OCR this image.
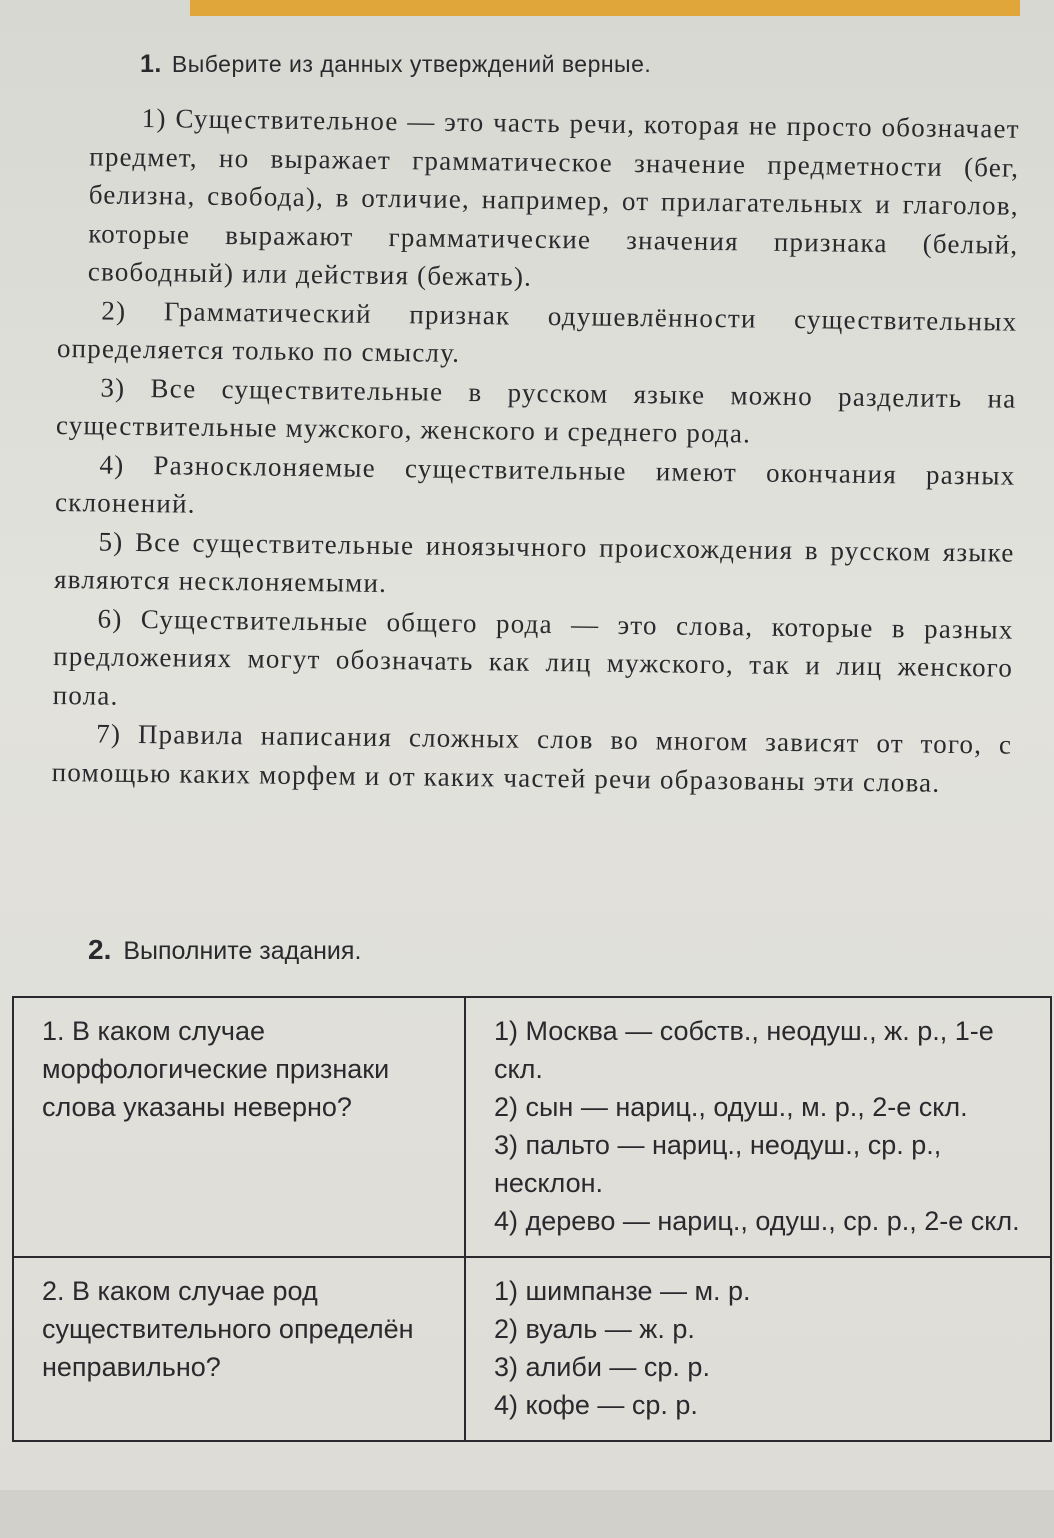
1. Выберите из данных утверждений верные.

1) Существительное — это часть речи, которая не просто обозначает предмет, но выражает грамматическое значение предметности (бег, белизна, свобода), в отличие, например, от прилагательных и глаголов, которые выражают грамматические значения признака (белый, свободный) или действия (бежать).

2) Грамматический признак одушевлённости существительных определяется только по смыслу.

3) Все существительные в русском языке можно разделить на существительные мужского, женского и среднего рода.

4) Разносклоняемые существительные имеют окончания разных склонений.

5) Все существительные иноязычного происхождения в русском языке являются несклоняемыми.

6) Существительные общего рода — это слова, которые в разных предложениях могут обозначать как лиц мужского, так и лиц женского пола.

7) Правила написания сложных слов во многом зависят от того, с помощью каких морфем и от каких частей речи образованы эти слова.

2. Выполните задания.
1. В каком случае морфологические признаки слова указаны неверно?	1) Москва — собств., неодуш., ж. р., 1-е скл.
2) сын — нариц., одуш., м. р., 2-е скл.
3) пальто — нариц., неодуш., ср. р., несклон.
4) дерево — нариц., одуш., ср. р., 2-е скл.

2. В каком случае род существительного определён неправильно?	1) шимпанзе — м. р.
2) вуаль — ж. р.
3) алиби — ср. р.
4) кофе — ср. р.
